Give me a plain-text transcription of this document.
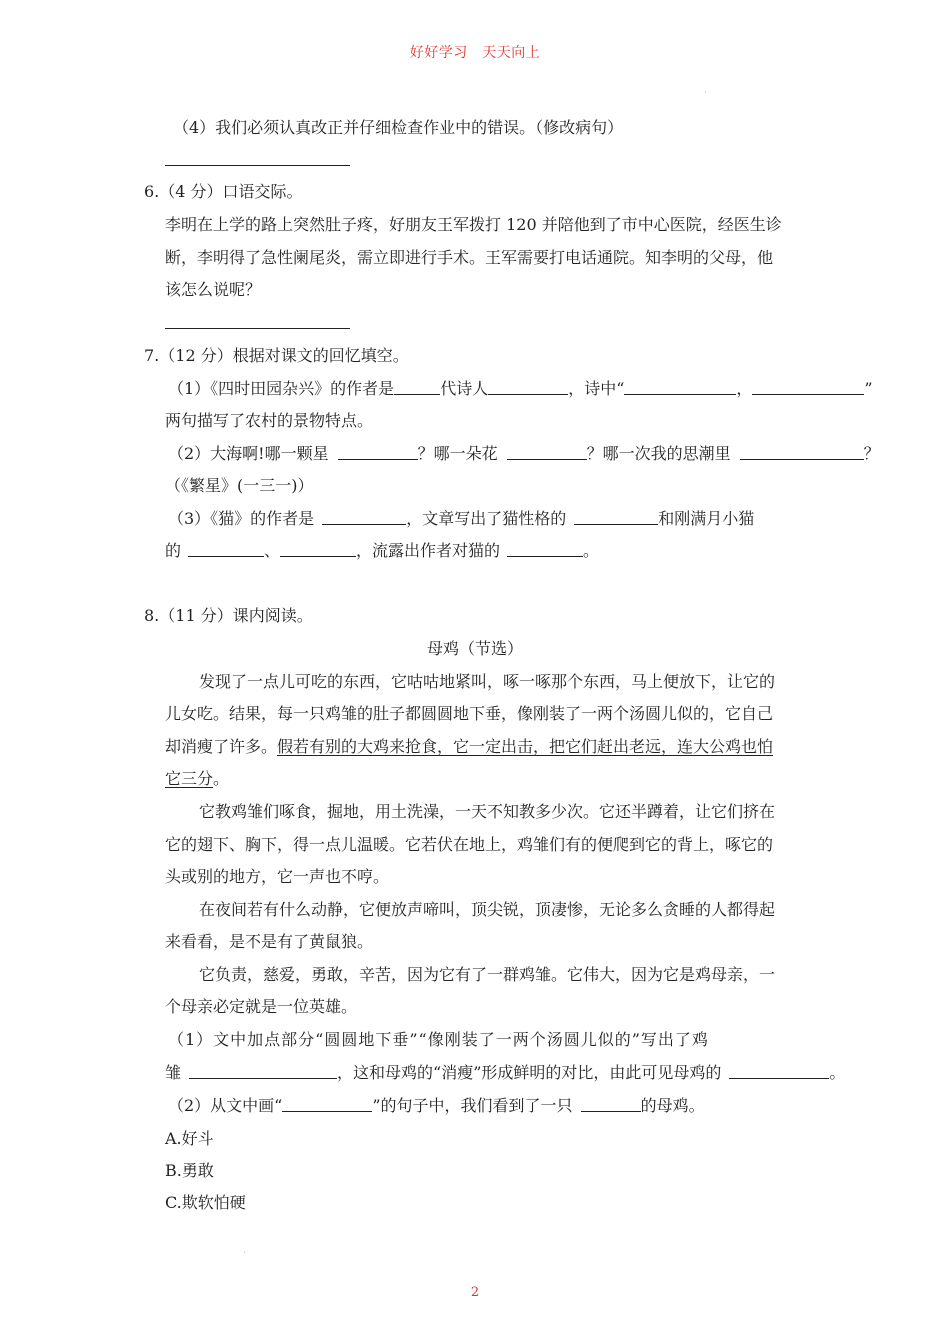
好好学习　天天向上
（4）我们必须认真改正并仔细检查作业中的错误。（修改病句）
6.（4 分）口语交际。
李明在上学的路上突然肚子疼，好朋友王军拨打 120 并陪他到了市中心医院，经医生诊
断，李明得了急性阑尾炎，需立即进行手术。王军需要打电话通院。知李明的父母，他
该怎么说呢？
7.（12 分）根据对课文的回忆填空。
（1）《四时田园杂兴》的作者是	代诗人	，诗中“	，	”
两句描写了农村的景物特点。
（2）大海啊!哪一颗星	？哪一朵花	？哪一次我的思潮里	？
（《繁星》(一三一)）
（3）《猫》的作者是	，文章写出了猫性格的	和刚满月小猫
的	、	，流露出作者对猫的	。
8.（11 分）课内阅读。
母鸡（节选）
发现了一点儿可吃的东西，它咕咕地紧叫，啄一啄那个东西，马上便放下，让它的
儿女吃。结果，每一只鸡雏的肚子都圆圆地下垂，像刚装了一两个汤圆儿似的，它自己
却消瘦了许多。假若有别的大鸡来抢食，它一定出击，把它们赶出老远，连大公鸡也怕
它三分。
它教鸡雏们啄食，掘地，用土洗澡，一天不知教多少次。它还半蹲着，让它们挤在
它的翅下、胸下，得一点儿温暖。它若伏在地上，鸡雏们有的便爬到它的背上，啄它的
头或别的地方，它一声也不哼。
在夜间若有什么动静，它便放声啼叫，顶尖锐，顶凄惨，无论多么贪睡的人都得起
来看看，是不是有了黄鼠狼。
它负责，慈爱，勇敢，辛苦，因为它有了一群鸡雏。它伟大，因为它是鸡母亲，一
个母亲必定就是一位英雄。
（1）文中加点部分“圆圆地下垂”“像刚装了一两个汤圆儿似的”写出了鸡
雏	，这和母鸡的“消瘦”形成鲜明的对比，由此可见母鸡的	。
（2）从文中画“	”的句子中，我们看到了一只	的母鸡。
A.好斗
B.勇敢
C.欺软怕硬
2
